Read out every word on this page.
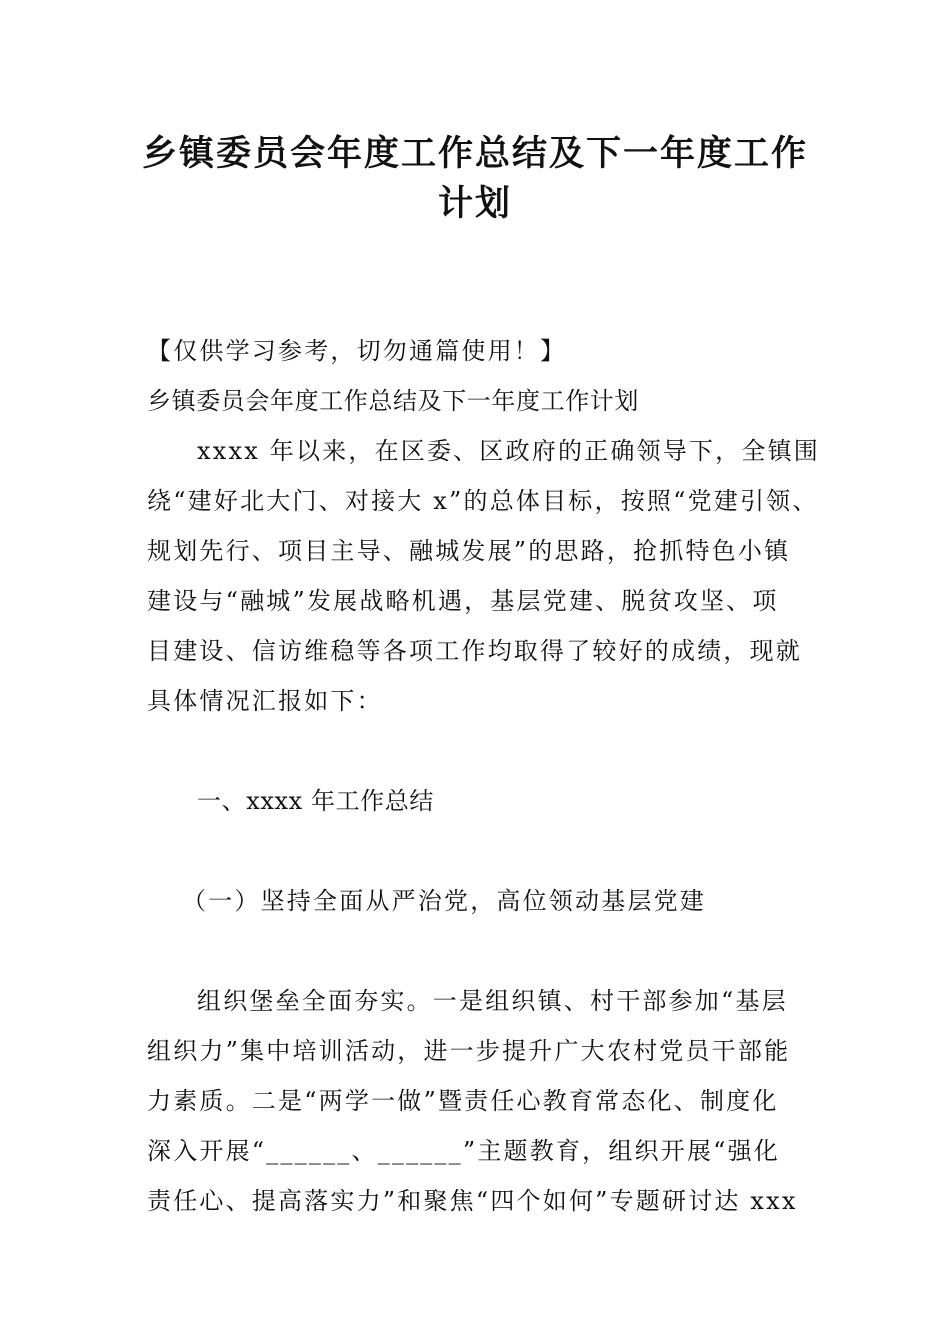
乡镇委员会年度工作总结及下一年度工作
计划
【仅供学习参考，切勿通篇使用！】
乡镇委员会年度工作总结及下一年度工作计划
xxxx 年以来，在区委、区政府的正确领导下，全镇围
绕“建好北大门、对接大 x”的总体目标，按照“党建引领、
规划先行、项目主导、融城发展”的思路，抢抓特色小镇
建设与“融城”发展战略机遇，基层党建、脱贫攻坚、项
目建设、信访维稳等各项工作均取得了较好的成绩，现就
具体情况汇报如下：
一、xxxx 年工作总结
（一）坚持全面从严治党，高位领动基层党建
组织堡垒全面夯实。一是组织镇、村干部参加“基层
组织力”集中培训活动，进一步提升广大农村党员干部能
力素质。二是“两学一做”暨责任心教育常态化、制度化
深入开展“______、______”主题教育，组织开展“强化
责任心、提高落实力”和聚焦“四个如何”专题研讨达 xxx
